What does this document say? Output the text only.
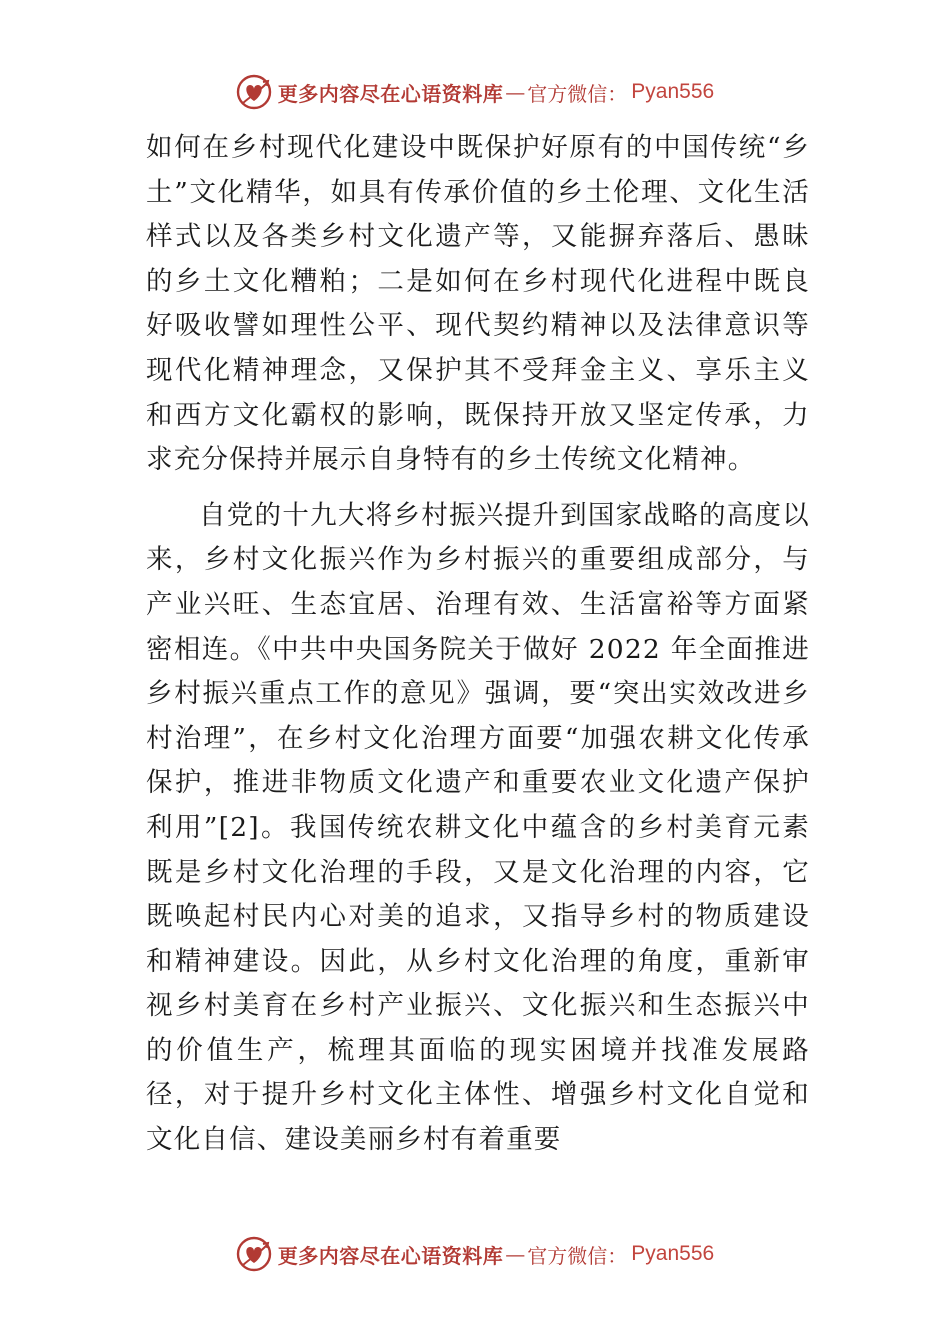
更多内容尽在心语资料库 — 官方微信： Pyan556

如何在乡村现代化建设中既保护好原有的中国传统“乡土”文化精华，如具有传承价值的乡土伦理、文化生活样式以及各类乡村文化遗产等，又能摒弃落后、愚昧的乡土文化糟粕；二是如何在乡村现代化进程中既良好吸收譬如理性公平、现代契约精神以及法律意识等现代化精神理念，又保护其不受拜金主义、享乐主义和西方文化霸权的影响，既保持开放又坚定传承，力求充分保持并展示自身特有的乡土传统文化精神。

自党的十九大将乡村振兴提升到国家战略的高度以来，乡村文化振兴作为乡村振兴的重要组成部分，与产业兴旺、生态宜居、治理有效、生活富裕等方面紧密相连。《中共中央国务院关于做好 2022 年全面推进乡村振兴重点工作的意见》强调，要“突出实效改进乡村治理”，在乡村文化治理方面要“加强农耕文化传承保护，推进非物质文化遗产和重要农业文化遗产保护利用”[2]。我国传统农耕文化中蕴含的乡村美育元素既是乡村文化治理的手段，又是文化治理的内容，它既唤起村民内心对美的追求，又指导乡村的物质建设和精神建设。因此，从乡村文化治理的角度，重新审视乡村美育在乡村产业振兴、文化振兴和生态振兴中的价值生产，梳理其面临的现实困境并找准发展路径，对于提升乡村文化主体性、增强乡村文化自觉和文化自信、建设美丽乡村有着重要

更多内容尽在心语资料库 — 官方微信： Pyan556
